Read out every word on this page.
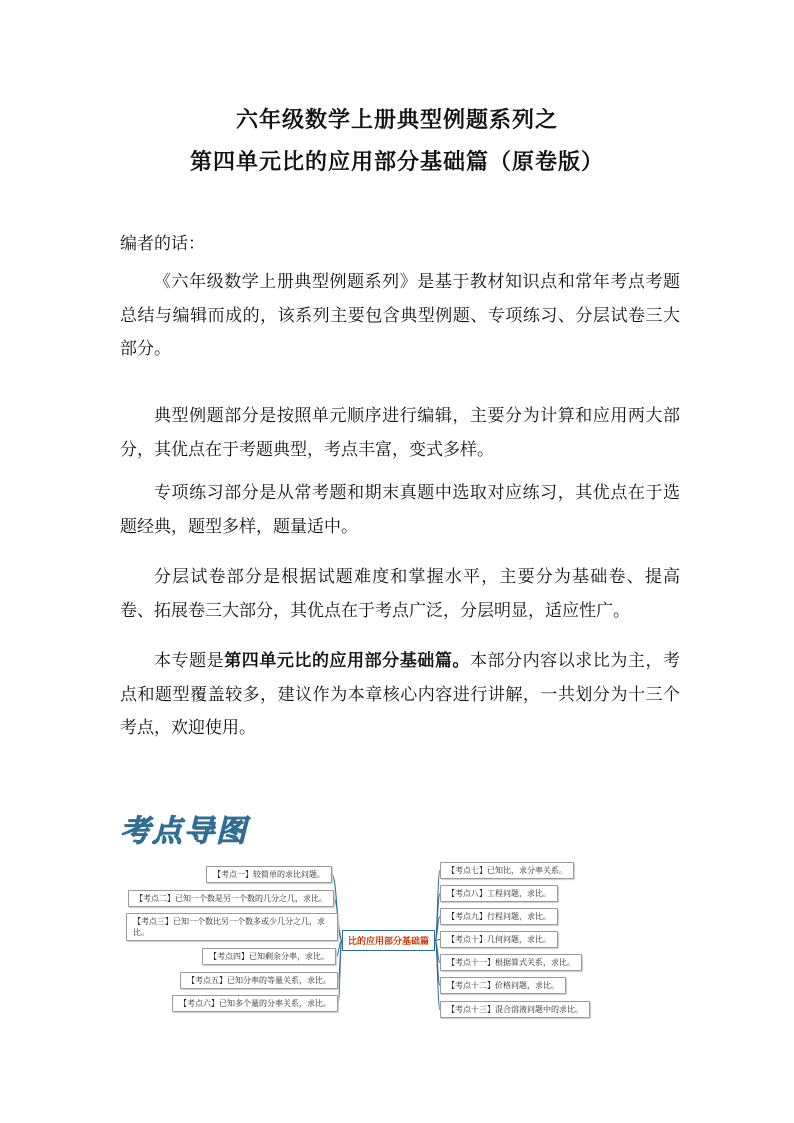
六年级数学上册典型例题系列之
第四单元比的应用部分基础篇（原卷版）
编者的话：
《六年级数学上册典型例题系列》是基于教材知识点和常年考点考题总结与编辑而成的，该系列主要包含典型例题、专项练习、分层试卷三大部分。
典型例题部分是按照单元顺序进行编辑，主要分为计算和应用两大部分，其优点在于考题典型，考点丰富，变式多样。
专项练习部分是从常考题和期末真题中选取对应练习，其优点在于选题经典，题型多样，题量适中。
分层试卷部分是根据试题难度和掌握水平，主要分为基础卷、提高卷、拓展卷三大部分，其优点在于考点广泛，分层明显，适应性广。
本专题是第四单元比的应用部分基础篇。本部分内容以求比为主，考点和题型覆盖较多，建议作为本章核心内容进行讲解，一共划分为十三个考点，欢迎使用。
考点导图
【考点一】较简单的求比问题。
【考点二】已知一个数是另一个数的几分之几，求比。
【考点三】已知一个数比另一个数多或少几分之几，求比。
【考点四】已知剩余分率，求比。
【考点五】已知分率的等量关系，求比。
【考点六】已知多个量的分率关系，求比。
比的应用部分基础篇
【考点七】已知比，求分率关系。
【考点八】工程问题，求比。
【考点九】行程问题，求比。
【考点十】几何问题，求比。
【考点十一】根据算式关系，求比。
【考点十二】价格问题，求比。
【考点十三】混合溶液问题中的求比。
